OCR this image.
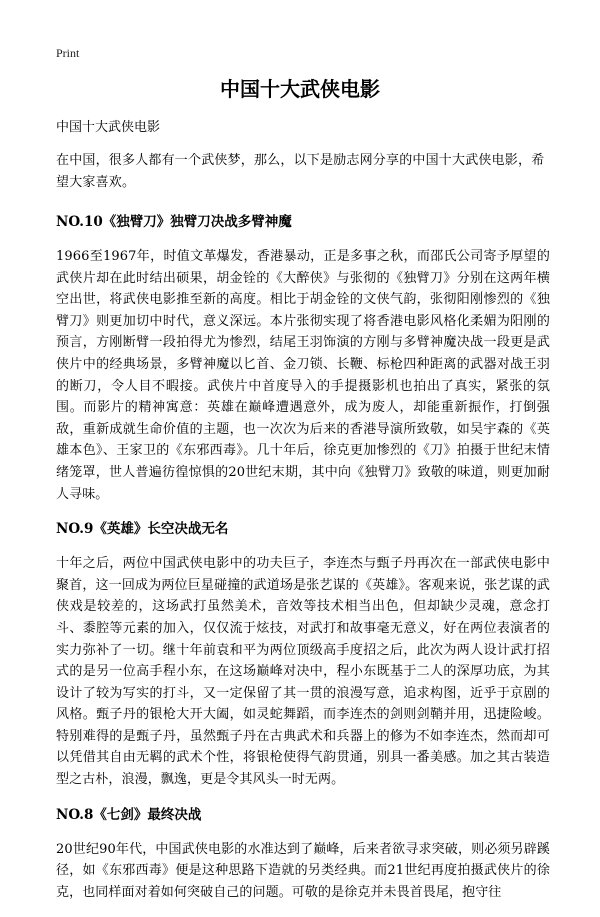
Print
中国十大武侠电影

中国十大武侠电影

在中国，很多人都有一个武侠梦，那么，以下是励志网分享的中国十大武侠电影，希望大家喜欢。

NO.10《独臂刀》独臂刀决战多臂神魔

1966至1967年，时值文革爆发，香港暴动，正是多事之秋，而邵氏公司寄予厚望的武侠片却在此时结出硕果，胡金铨的《大醉侠》与张彻的《独臂刀》分别在这两年横空出世，将武侠电影推至新的高度。相比于胡金铨的文侠气韵，张彻阳刚惨烈的《独臂刀》则更加切中时代，意义深远。本片张彻实现了将香港电影风格化柔媚为阳刚的预言，方刚断臂一段拍得尤为惨烈，结尾王羽饰演的方刚与多臂神魔决战一段更是武侠片中的经典场景，多臂神魔以匕首、金刀锁、长鞭、标枪四种距离的武器对战王羽的断刀，令人目不暇接。武侠片中首度导入的手提摄影机也拍出了真实，紧张的氛围。而影片的精神寓意：英雄在巅峰遭遇意外，成为废人，却能重新振作，打倒强敌，重新成就生命价值的主题，也一次次为后来的香港导演所致敬，如吴宇森的《英雄本色》、王家卫的《东邪西毒》。几十年后，徐克更加惨烈的《刀》拍摄于世纪末情绪笼罩，世人普遍彷徨惊惧的20世纪末期，其中向《独臂刀》致敬的味道，则更加耐人寻味。

NO.9《英雄》长空决战无名

十年之后，两位中国武侠电影中的功夫巨子，李连杰与甄子丹再次在一部武侠电影中聚首，这一回成为两位巨星碰撞的武道场是张艺谋的《英雄》。客观来说，张艺谋的武侠戏是较差的，这场武打虽然美术，音效等技术相当出色，但却缺少灵魂，意念打斗、黍腔等元素的加入，仅仅流于炫技，对武打和故事毫无意义，好在两位表演者的实力弥补了一切。继十年前袁和平为两位顶级高手度招之后，此次为两人设计武打招式的是另一位高手程小东，在这场巅峰对决中，程小东既基于二人的深厚功底，为其设计了较为写实的打斗，又一定保留了其一贯的浪漫写意，追求构图，近乎于京剧的风格。甄子丹的银枪大开大阖，如灵蛇舞蹈，而李连杰的剑则剑鞘并用，迅捷险峻。特别难得的是甄子丹，虽然甄子丹在古典武术和兵器上的修为不如李连杰，然而却可以凭借其自由无羁的武术个性，将银枪使得气韵贯通，别具一番美感。加之其古装造型之古朴，浪漫，飘逸，更是令其风头一时无两。

NO.8《七剑》最终决战

20世纪90年代，中国武侠电影的水准达到了巅峰，后来者欲寻求突破，则必须另辟蹊径，如《东邪西毒》便是这种思路下造就的另类经典。而21世纪再度拍摄武侠片的徐克，也同样面对着如何突破自己的问题。可敬的是徐克并未畏首畏尾，抱守往
